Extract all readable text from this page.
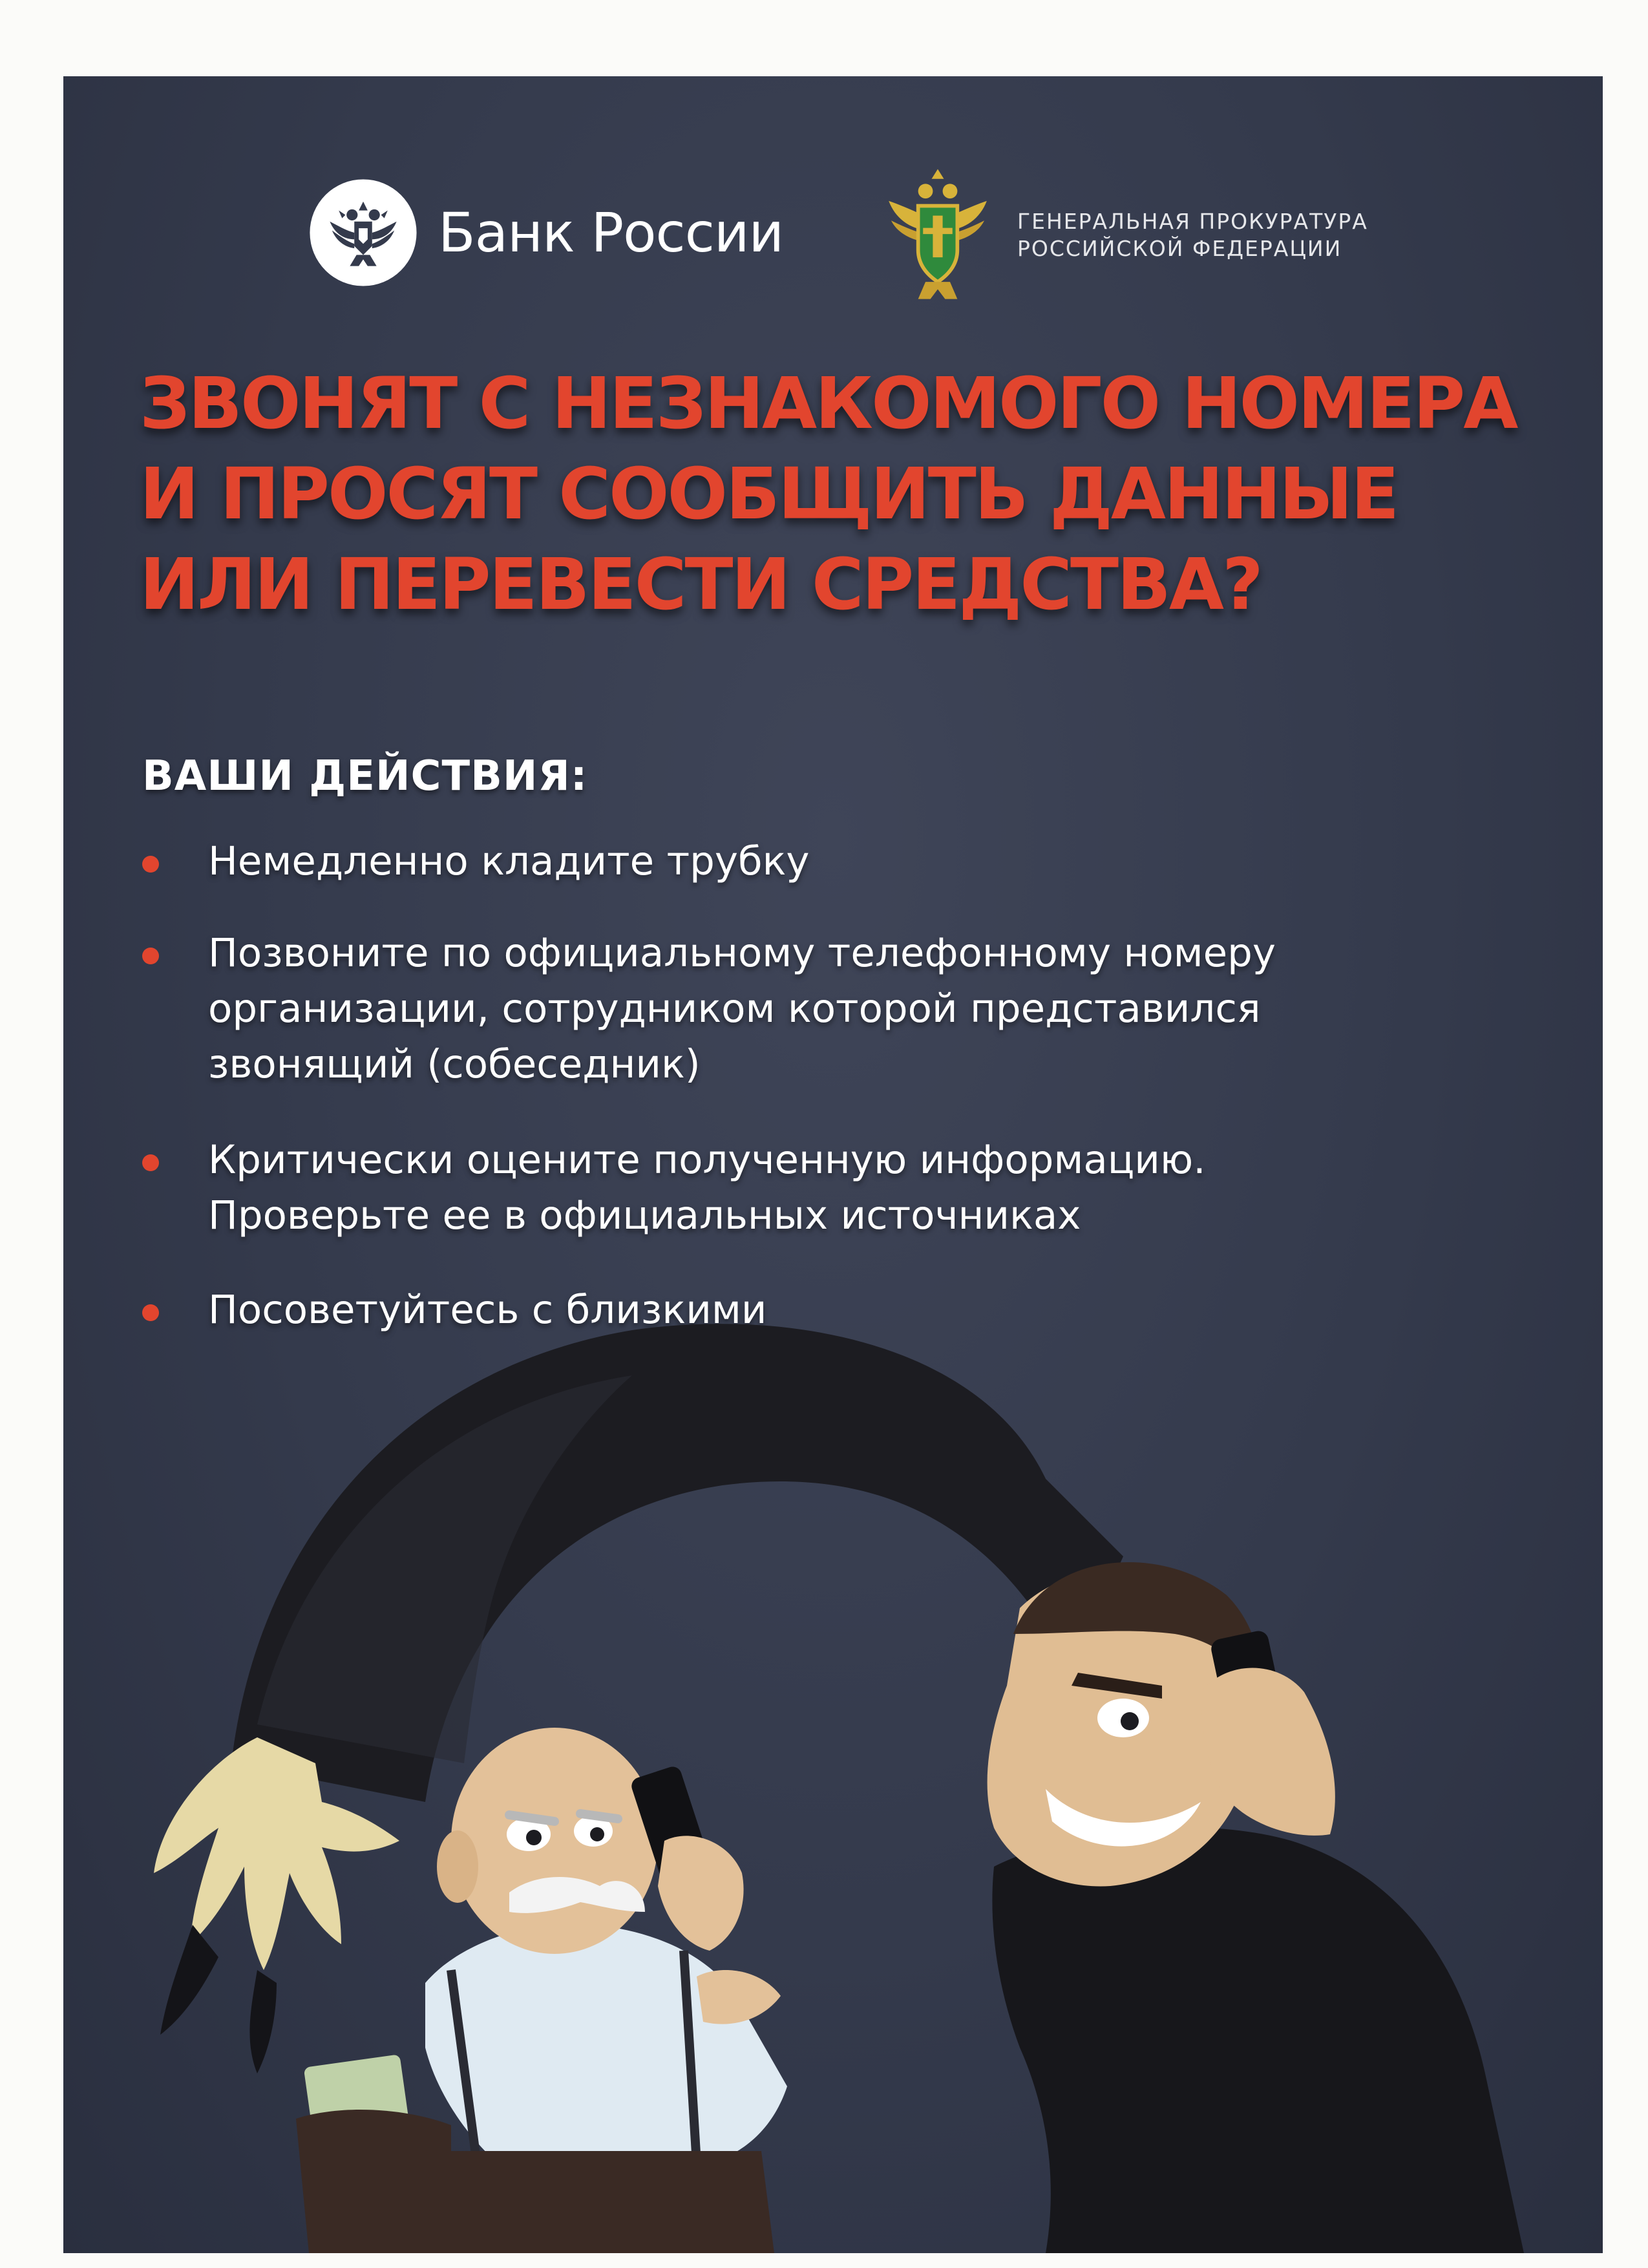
Банк России	ГЕНЕРАЛЬНАЯ ПРОКУРАТУРА
РОССИЙСКОЙ ФЕДЕРАЦИИ
ЗВОНЯТ С НЕЗНАКОМОГО НОМЕРА
И ПРОСЯТ СООБЩИТЬ ДАННЫЕ
ИЛИ ПЕРЕВЕСТИ СРЕДСТВА?
ВАШИ ДЕЙСТВИЯ:
Немедленно кладите трубку
Позвоните по официальному телефонному номеру
организации, сотрудником которой представился
звонящий (собеседник)
Критически оцените полученную информацию.
Проверьте ее в официальных источниках
Посоветуйтесь с близкими
